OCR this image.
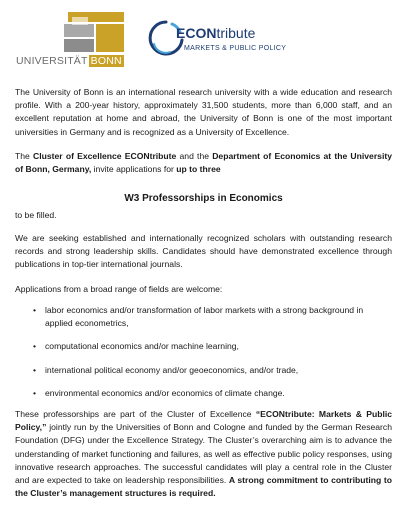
UNIVERSITÄT BONN
ECONtribute
MARKETS & PUBLIC POLICY

The University of Bonn is an international research university with a wide education and research profile. With a 200-year history, approximately 31,500 students, more than 6,000 staff, and an excellent reputation at home and abroad, the University of Bonn is one of the most important universities in Germany and is recognized as a University of Excellence.

The Cluster of Excellence ECONtribute and the Department of Economics at the University of Bonn, Germany, invite applications for up to three

W3 Professorships in Economics

to be filled.

We are seeking established and internationally recognized scholars with outstanding research records and strong leadership skills. Candidates should have demonstrated excellence through publications in top-tier international journals.

Applications from a broad range of fields are welcome:

• labor economics and/or transformation of labor markets with a strong background in applied econometrics,
• computational economics and/or machine learning,
• international political economy and/or geoeconomics, and/or trade,
• environmental economics and/or economics of climate change.

These professorships are part of the Cluster of Excellence “ECONtribute: Markets & Public Policy,” jointly run by the Universities of Bonn and Cologne and funded by the German Research Foundation (DFG) under the Excellence Strategy. The Cluster’s overarching aim is to advance the understanding of market functioning and failures, as well as effective public policy responses, using innovative research approaches. The successful candidates will play a central role in the Cluster and are expected to take on leadership responsibilities. A strong commitment to contributing to the Cluster’s management structures is required.
